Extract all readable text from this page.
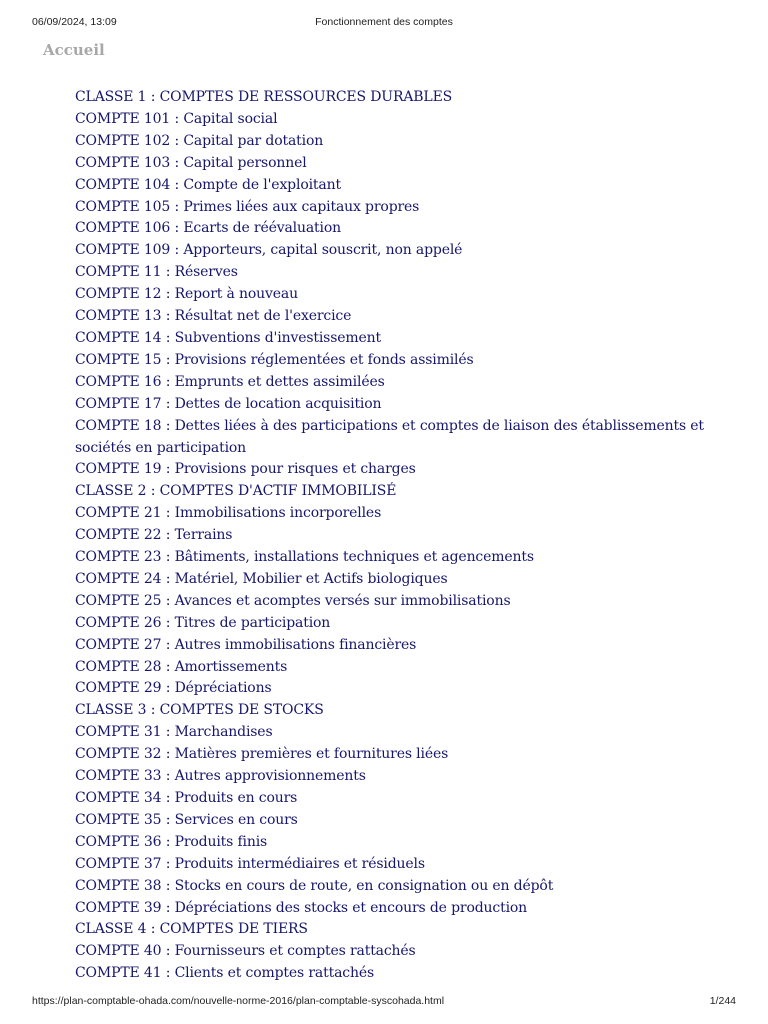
06/09/2024, 13:09	Fonctionnement des comptes
Accueil
CLASSE 1 : COMPTES DE RESSOURCES DURABLES
COMPTE 101 : Capital social
COMPTE 102 : Capital par dotation
COMPTE 103 : Capital personnel
COMPTE 104 : Compte de l'exploitant
COMPTE 105 : Primes liées aux capitaux propres
COMPTE 106 : Ecarts de réévaluation
COMPTE 109 : Apporteurs, capital souscrit, non appelé
COMPTE 11 : Réserves
COMPTE 12 : Report à nouveau
COMPTE 13 : Résultat net de l'exercice
COMPTE 14 : Subventions d'investissement
COMPTE 15 : Provisions réglementées et fonds assimilés
COMPTE 16 : Emprunts et dettes assimilées
COMPTE 17 : Dettes de location acquisition
COMPTE 18 : Dettes liées à des participations et comptes de liaison des établissements et sociétés en participation
COMPTE 19 : Provisions pour risques et charges
CLASSE 2 : COMPTES D'ACTIF IMMOBILISÉ
COMPTE 21 : Immobilisations incorporelles
COMPTE 22 : Terrains
COMPTE 23 : Bâtiments, installations techniques et agencements
COMPTE 24 : Matériel, Mobilier et Actifs biologiques
COMPTE 25 : Avances et acomptes versés sur immobilisations
COMPTE 26 : Titres de participation
COMPTE 27 : Autres immobilisations financières
COMPTE 28 : Amortissements
COMPTE 29 : Dépréciations
CLASSE 3 : COMPTES DE STOCKS
COMPTE 31 : Marchandises
COMPTE 32 : Matières premières et fournitures liées
COMPTE 33 : Autres approvisionnements
COMPTE 34 : Produits en cours
COMPTE 35 : Services en cours
COMPTE 36 : Produits finis
COMPTE 37 : Produits intermédiaires et résiduels
COMPTE 38 : Stocks en cours de route, en consignation ou en dépôt
COMPTE 39 : Dépréciations des stocks et encours de production
CLASSE 4 : COMPTES DE TIERS
COMPTE 40 : Fournisseurs et comptes rattachés
COMPTE 41 : Clients et comptes rattachés
https://plan-comptable-ohada.com/nouvelle-norme-2016/plan-comptable-syscohada.html	1/244
